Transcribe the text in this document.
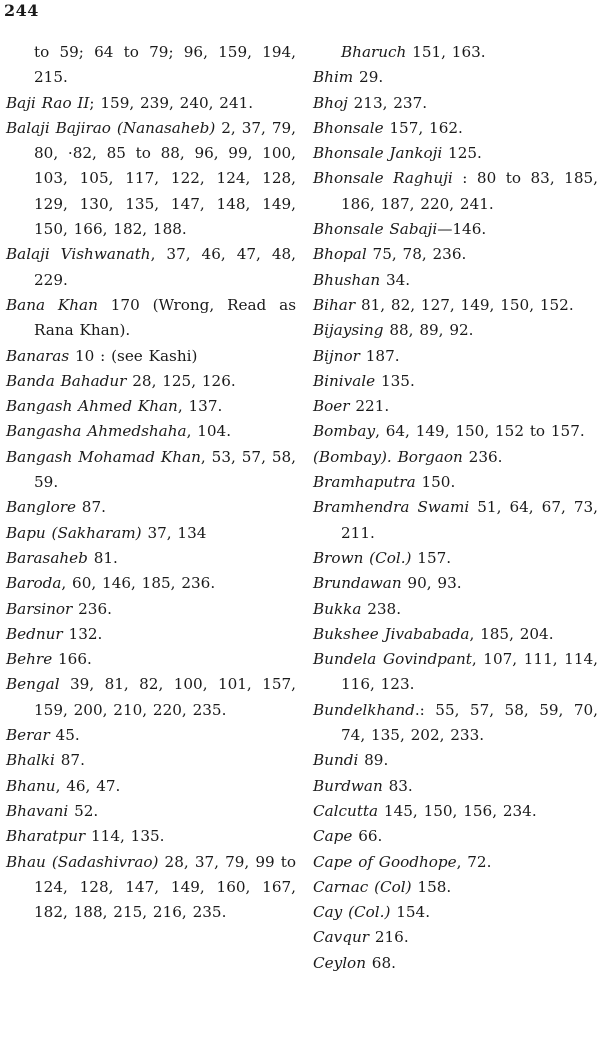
244

to 59; 64 to 79; 96, 159, 194, 215.

Baji Rao II; 159, 239, 240, 241.

Balaji Bajirao (Nanasaheb) 2, 37, 79, 80, ·82, 85 to 88, 96, 99, 100, 103, 105, 117, 122, 124, 128, 129, 130, 135, 147, 148, 149, 150, 166, 182, 188.

Balaji Vishwanath, 37, 46, 47, 48, 229.

Bana Khan 170 (Wrong, Read as Rana Khan).

Banaras 10 : (see Kashi)

Banda Bahadur 28, 125, 126.

Bangash Ahmed Khan, 137.

Bangasha Ahmedshaha, 104.

Bangash Mohamad Khan, 53, 57, 58, 59.

Banglore 87.

Bapu (Sakharam) 37, 134

Barasaheb 81.

Baroda, 60, 146, 185, 236.

Barsinor 236.

Bednur 132.

Behre 166.

Bengal 39, 81, 82, 100, 101, 157, 159, 200, 210, 220, 235.

Berar 45.

Bhalki 87.

Bhanu, 46, 47.

Bhavani 52.

Bharatpur 114, 135.

Bhau (Sadashivrao) 28, 37, 79, 99 to 124, 128, 147, 149, 160, 167, 182, 188, 215, 216, 235.

Bharuch 151, 163.

Bhim 29.

Bhoj 213, 237.

Bhonsale 157, 162.

Bhonsale Jankoji 125.

Bhonsale Raghuji : 80 to 83, 185, 186, 187, 220, 241.

Bhonsale Sabaji—146.

Bhopal 75, 78, 236.

Bhushan 34.

Bihar 81, 82, 127, 149, 150, 152.

Bijaysing 88, 89, 92.

Bijnor 187.

Binivale 135.

Boer 221.

Bombay, 64, 149, 150, 152 to 157.

(Bombay). Borgaon 236.

Bramhaputra 150.

Bramhendra Swami 51, 64, 67, 73, 211.

Brown (Col.) 157.

Brundawan 90, 93.

Bukka 238.

Bukshee Jivababada, 185, 204.

Bundela Govindpant, 107, 111, 114, 116, 123.

Bundelkhand.: 55, 57, 58, 59, 70, 74, 135, 202, 233.

Bundi 89.

Burdwan 83.

Calcutta 145, 150, 156, 234.

Cape 66.

Cape of Goodhope, 72.

Carnac (Col) 158.

Cay (Col.) 154.

Cavqur 216.

Ceylon 68.
